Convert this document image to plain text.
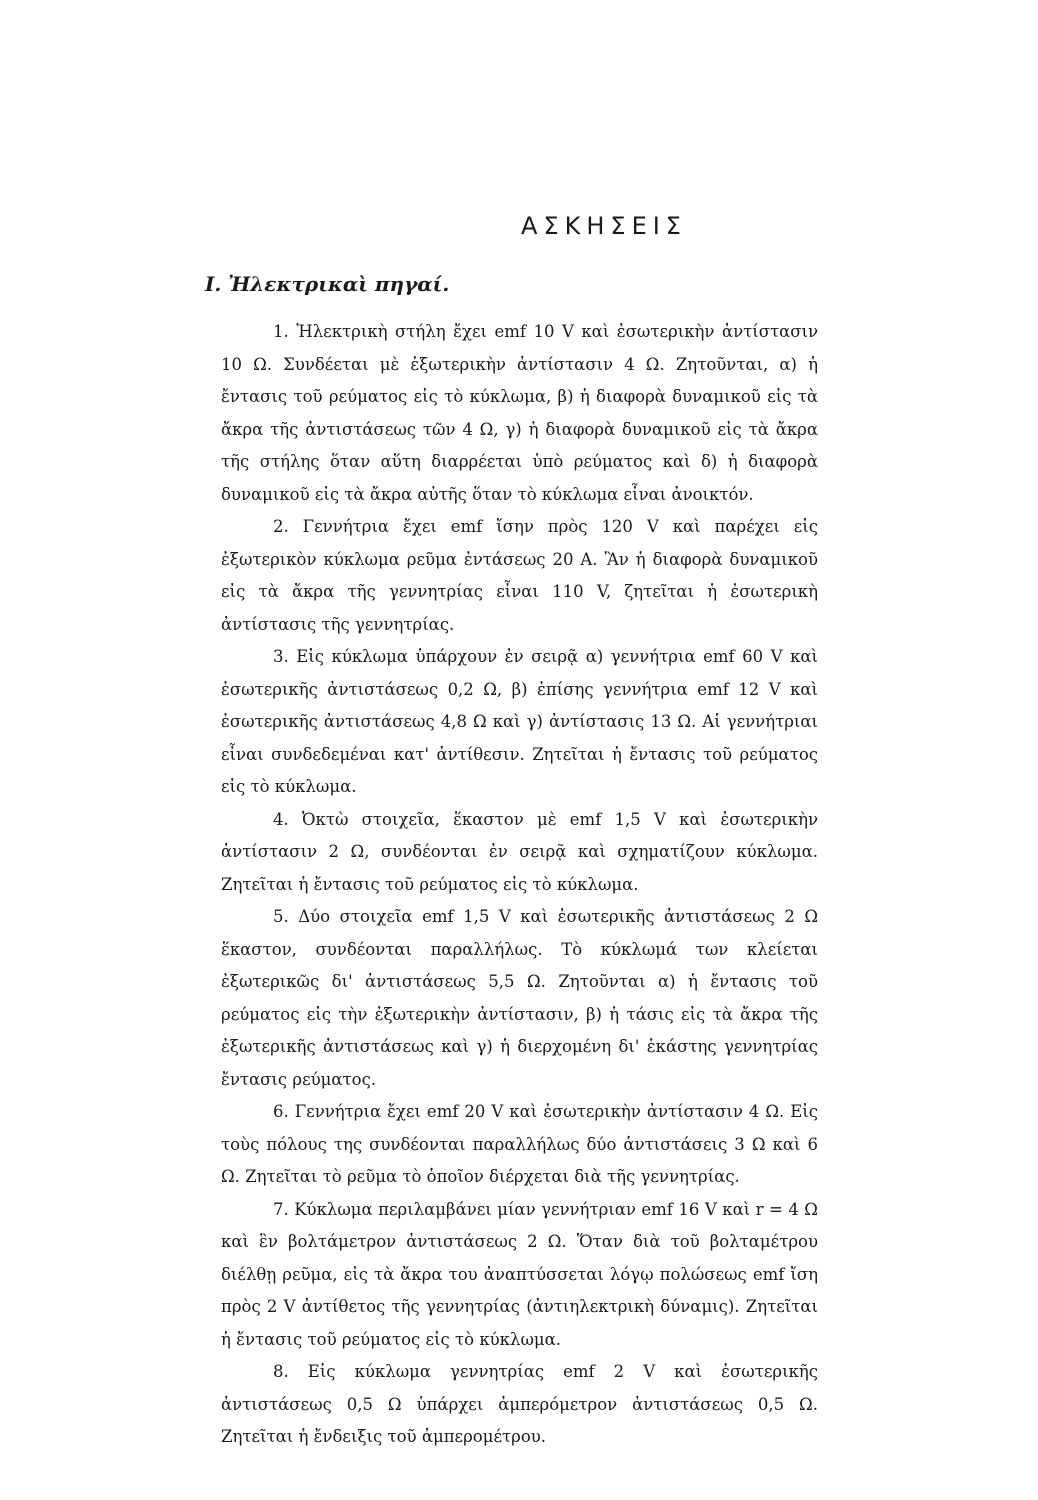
ΑΣΚΗΣΕΙΣ
Ι. Ἠλεκτρικαὶ πηγαί.

1. Ἠλεκτρικὴ στήλη ἔχει emf 10 V καὶ ἐσωτερικὴν ἀντίστασιν 10 Ω. Συνδέεται μὲ ἐξωτερικὴν ἀντίστασιν 4 Ω. Ζητοῦνται, α) ἡ ἔντασις τοῦ ρεύματος εἰς τὸ κύκλωμα, β) ἡ διαφορὰ δυναμικοῦ εἰς τὰ ἄκρα τῆς ἀντιστάσεως τῶν 4 Ω, γ) ἡ διαφορὰ δυναμικοῦ εἰς τὰ ἄκρα τῆς στήλης ὅταν αὕτη διαρρέεται ὑπὸ ρεύματος καὶ δ) ἡ διαφορὰ δυναμικοῦ εἰς τὰ ἄκρα αὐτῆς ὅταν τὸ κύκλωμα εἶναι ἀνοικτόν.

2. Γεννήτρια ἔχει emf ἴσην πρὸς 120 V καὶ παρέχει εἰς ἐξωτερικὸν κύκλωμα ρεῦμα ἐντάσεως 20 A. Ἂν ἡ διαφορὰ δυναμικοῦ εἰς τὰ ἄκρα τῆς γεννητρίας εἶναι 110 V, ζητεῖται ἡ ἐσωτερικὴ ἀντίστασις τῆς γεννητρίας.

3. Εἰς κύκλωμα ὑπάρχουν ἐν σειρᾷ α) γεννήτρια emf 60 V καὶ ἐσωτερικῆς ἀντιστάσεως 0,2 Ω, β) ἐπίσης γεννήτρια emf 12 V καὶ ἐσωτερικῆς ἀντιστάσεως 4,8 Ω καὶ γ) ἀντίστασις 13 Ω. Αἱ γεννήτριαι εἶναι συνδεδεμέναι κατ' ἀντίθεσιν. Ζητεῖται ἡ ἔντασις τοῦ ρεύματος εἰς τὸ κύκλωμα.

4. Ὀκτὼ στοιχεῖα, ἕκαστον μὲ emf 1,5 V καὶ ἐσωτερικὴν ἀντίστασιν 2 Ω, συνδέονται ἐν σειρᾷ καὶ σχηματίζουν κύκλωμα. Ζητεῖται ἡ ἔντασις τοῦ ρεύματος εἰς τὸ κύκλωμα.

5. Δύο στοιχεῖα emf 1,5 V καὶ ἐσωτερικῆς ἀντιστάσεως 2 Ω ἕκαστον, συνδέονται παραλλήλως. Τὸ κύκλωμά των κλείεται ἐξωτερικῶς δι' ἀντιστάσεως 5,5 Ω. Ζητοῦνται α) ἡ ἔντασις τοῦ ρεύματος εἰς τὴν ἐξωτερικὴν ἀντίστασιν, β) ἡ τάσις εἰς τὰ ἄκρα τῆς ἐξωτερικῆς ἀντιστάσεως καὶ γ) ἡ διερχομένη δι' ἑκάστης γεννητρίας ἔντασις ρεύματος.

6. Γεννήτρια ἔχει emf 20 V καὶ ἐσωτερικὴν ἀντίστασιν 4 Ω. Εἰς τοὺς πόλους της συνδέονται παραλλήλως δύο ἀντιστάσεις 3 Ω καὶ 6 Ω. Ζητεῖται τὸ ρεῦμα τὸ ὁποῖον διέρχεται διὰ τῆς γεννητρίας.

7. Κύκλωμα περιλαμβάνει μίαν γεννήτριαν emf 16 V καὶ r = 4 Ω καὶ ἓν βολτάμετρον ἀντιστάσεως 2 Ω. Ὅταν διὰ τοῦ βολταμέτρου διέλθῃ ρεῦμα, εἰς τὰ ἄκρα του ἀναπτύσσεται λόγῳ πολώσεως emf ἴση πρὸς 2 V ἀντίθετος τῆς γεννητρίας (ἀντιηλεκτρικὴ δύναμις). Ζητεῖται ἡ ἔντασις τοῦ ρεύματος εἰς τὸ κύκλωμα.

8. Εἰς κύκλωμα γεννητρίας emf 2 V καὶ ἐσωτερικῆς ἀντιστάσεως 0,5 Ω ὑπάρχει ἀμπερόμετρον ἀντιστάσεως 0,5 Ω. Ζητεῖται ἡ ἔνδειξις τοῦ ἀμπερομέτρου.
